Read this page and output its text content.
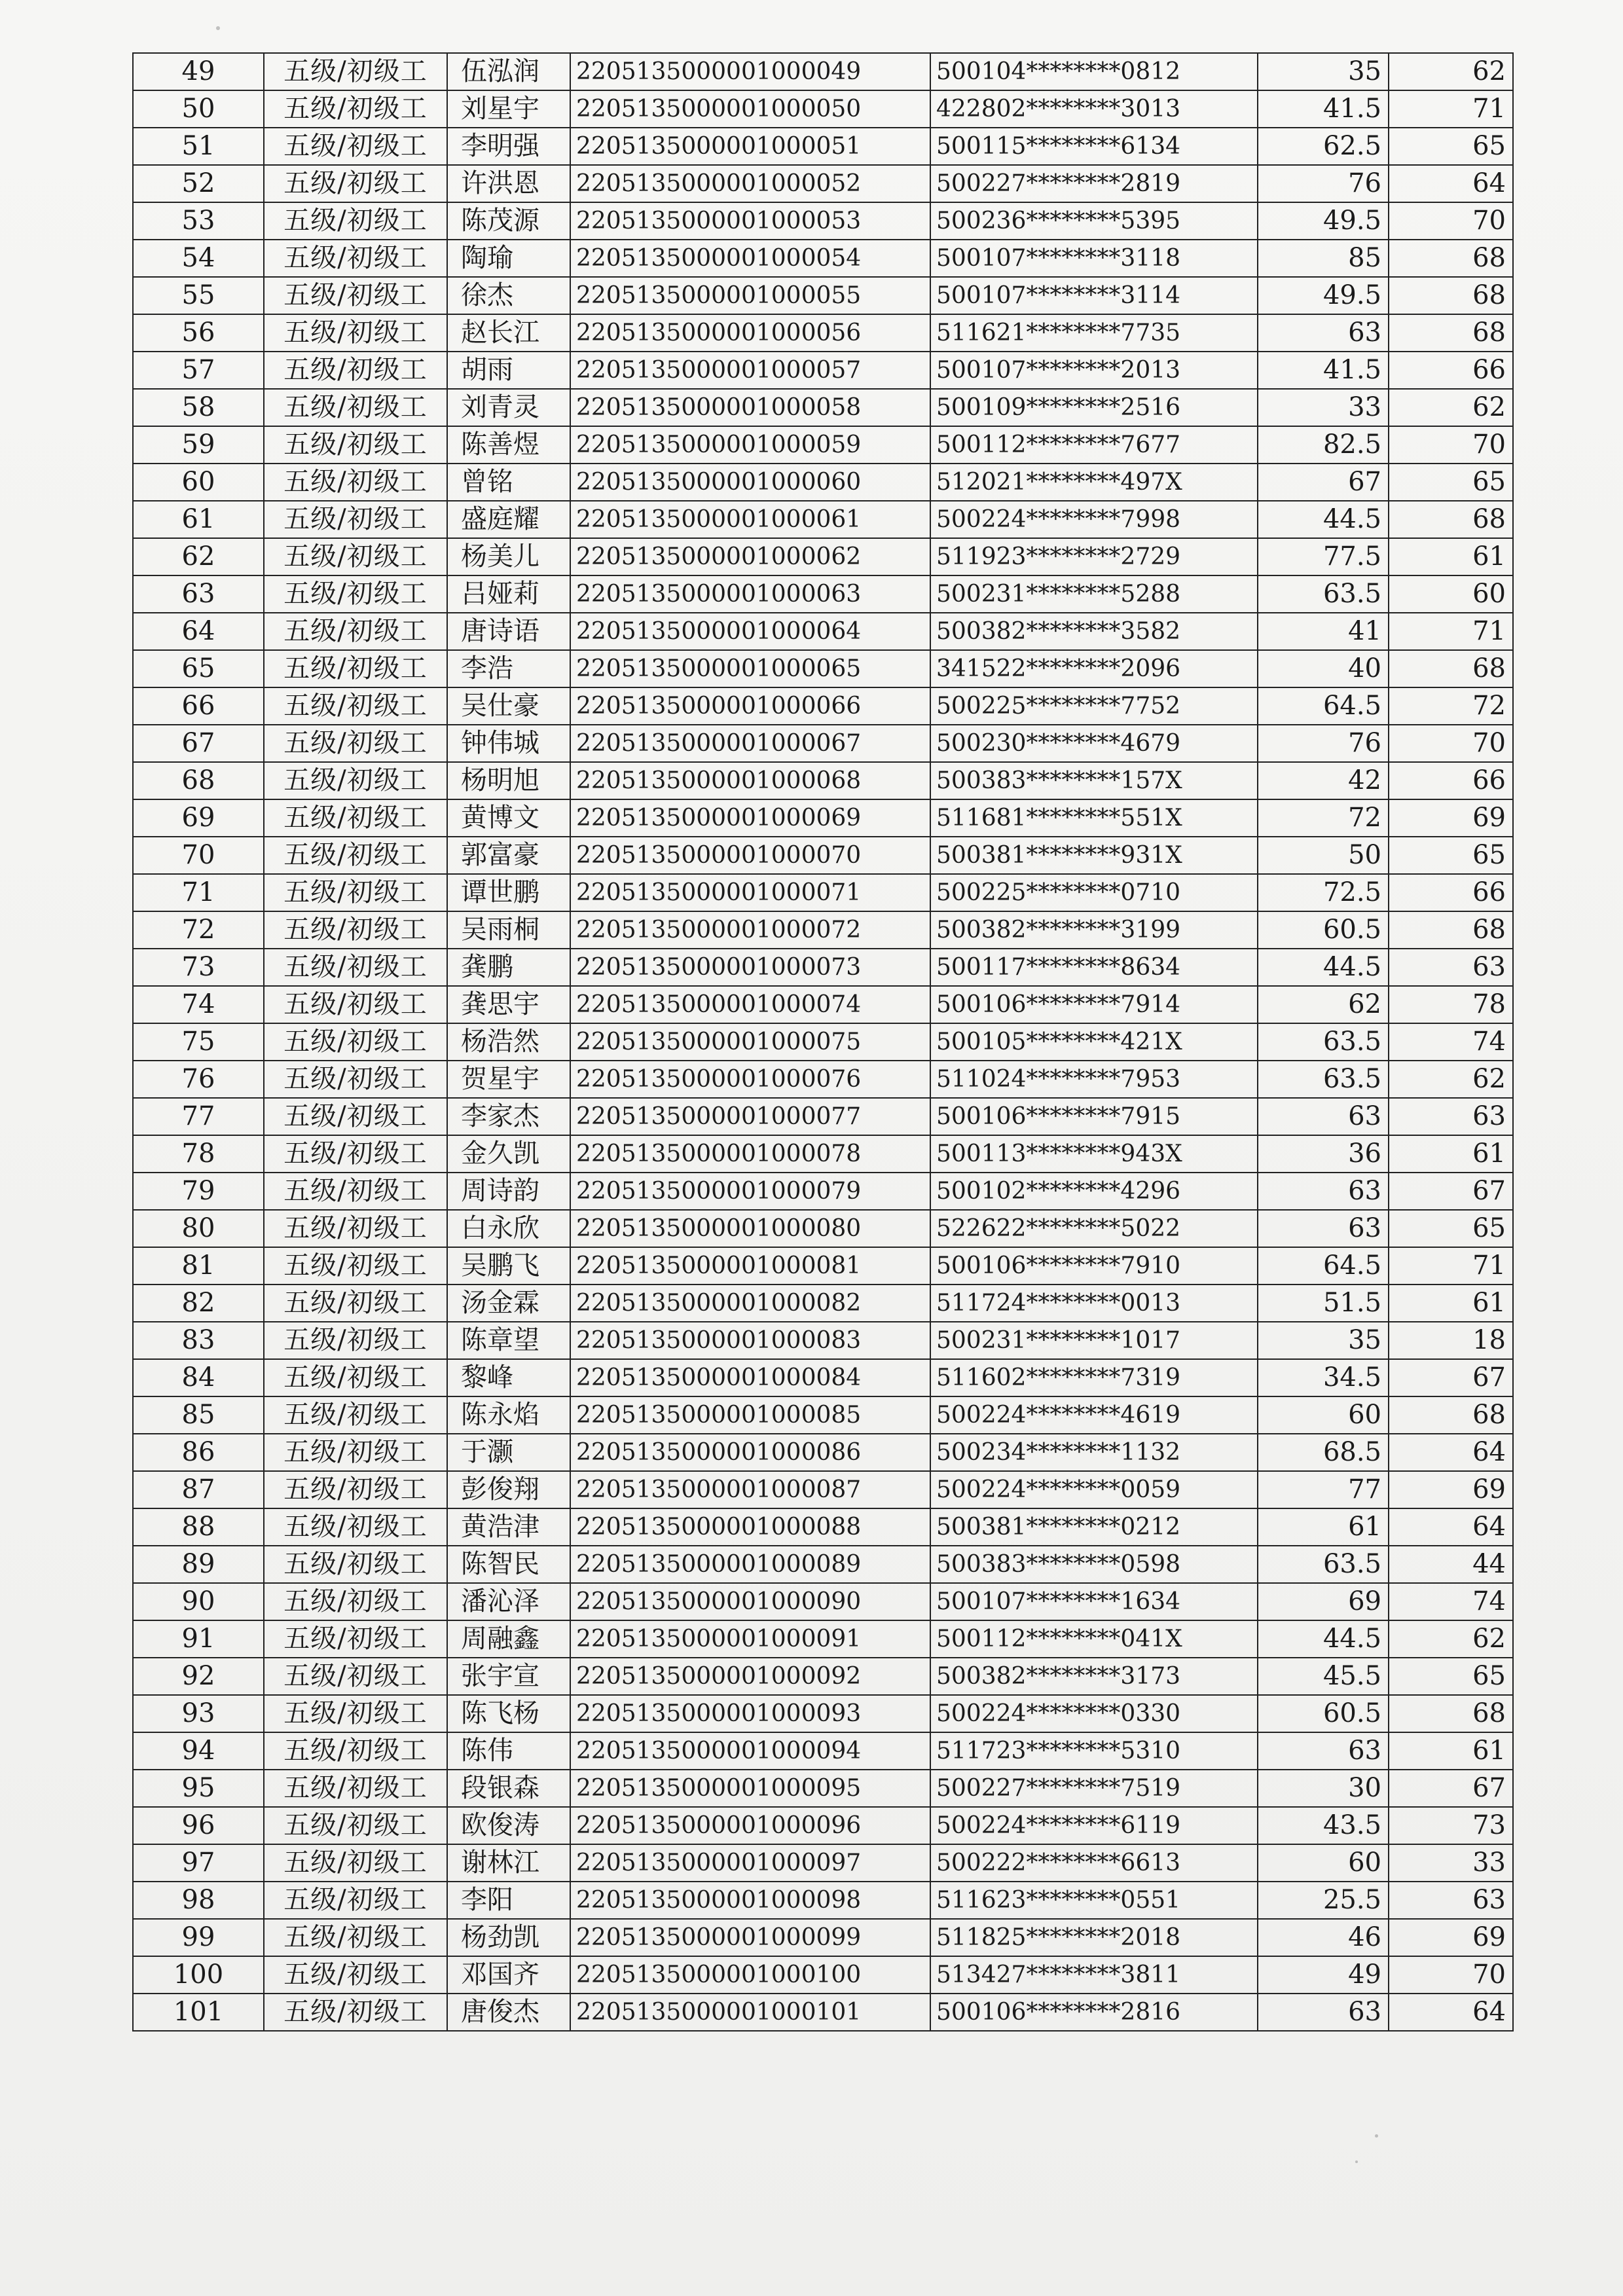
49	五级/初级工	伍泓润	2205135000001000049	500104********0812	35	62
50	五级/初级工	刘星宇	2205135000001000050	422802********3013	41.5	71
51	五级/初级工	李明强	2205135000001000051	500115********6134	62.5	65
52	五级/初级工	许洪恩	2205135000001000052	500227********2819	76	64
53	五级/初级工	陈茂源	2205135000001000053	500236********5395	49.5	70
54	五级/初级工	陶瑜	2205135000001000054	500107********3118	85	68
55	五级/初级工	徐杰	2205135000001000055	500107********3114	49.5	68
56	五级/初级工	赵长江	2205135000001000056	511621********7735	63	68
57	五级/初级工	胡雨	2205135000001000057	500107********2013	41.5	66
58	五级/初级工	刘青灵	2205135000001000058	500109********2516	33	62
59	五级/初级工	陈善煜	2205135000001000059	500112********7677	82.5	70
60	五级/初级工	曾铭	2205135000001000060	512021********497X	67	65
61	五级/初级工	盛庭耀	2205135000001000061	500224********7998	44.5	68
62	五级/初级工	杨美儿	2205135000001000062	511923********2729	77.5	61
63	五级/初级工	吕娅莉	2205135000001000063	500231********5288	63.5	60
64	五级/初级工	唐诗语	2205135000001000064	500382********3582	41	71
65	五级/初级工	李浩	2205135000001000065	341522********2096	40	68
66	五级/初级工	吴仕豪	2205135000001000066	500225********7752	64.5	72
67	五级/初级工	钟伟城	2205135000001000067	500230********4679	76	70
68	五级/初级工	杨明旭	2205135000001000068	500383********157X	42	66
69	五级/初级工	黄博文	2205135000001000069	511681********551X	72	69
70	五级/初级工	郭富豪	2205135000001000070	500381********931X	50	65
71	五级/初级工	谭世鹏	2205135000001000071	500225********0710	72.5	66
72	五级/初级工	吴雨桐	2205135000001000072	500382********3199	60.5	68
73	五级/初级工	龚鹏	2205135000001000073	500117********8634	44.5	63
74	五级/初级工	龚思宇	2205135000001000074	500106********7914	62	78
75	五级/初级工	杨浩然	2205135000001000075	500105********421X	63.5	74
76	五级/初级工	贺星宇	2205135000001000076	511024********7953	63.5	62
77	五级/初级工	李家杰	2205135000001000077	500106********7915	63	63
78	五级/初级工	金久凯	2205135000001000078	500113********943X	36	61
79	五级/初级工	周诗韵	2205135000001000079	500102********4296	63	67
80	五级/初级工	白永欣	2205135000001000080	522622********5022	63	65
81	五级/初级工	吴鹏飞	2205135000001000081	500106********7910	64.5	71
82	五级/初级工	汤金霖	2205135000001000082	511724********0013	51.5	61
83	五级/初级工	陈章望	2205135000001000083	500231********1017	35	18
84	五级/初级工	黎峰	2205135000001000084	511602********7319	34.5	67
85	五级/初级工	陈永焰	2205135000001000085	500224********4619	60	68
86	五级/初级工	于灏	2205135000001000086	500234********1132	68.5	64
87	五级/初级工	彭俊翔	2205135000001000087	500224********0059	77	69
88	五级/初级工	黄浩津	2205135000001000088	500381********0212	61	64
89	五级/初级工	陈智民	2205135000001000089	500383********0598	63.5	44
90	五级/初级工	潘沁泽	2205135000001000090	500107********1634	69	74
91	五级/初级工	周融鑫	2205135000001000091	500112********041X	44.5	62
92	五级/初级工	张宇宣	2205135000001000092	500382********3173	45.5	65
93	五级/初级工	陈飞杨	2205135000001000093	500224********0330	60.5	68
94	五级/初级工	陈伟	2205135000001000094	511723********5310	63	61
95	五级/初级工	段银森	2205135000001000095	500227********7519	30	67
96	五级/初级工	欧俊涛	2205135000001000096	500224********6119	43.5	73
97	五级/初级工	谢林江	2205135000001000097	500222********6613	60	33
98	五级/初级工	李阳	2205135000001000098	511623********0551	25.5	63
99	五级/初级工	杨劲凯	2205135000001000099	511825********2018	46	69
100	五级/初级工	邓国齐	2205135000001000100	513427********3811	49	70
101	五级/初级工	唐俊杰	2205135000001000101	500106********2816	63	64
